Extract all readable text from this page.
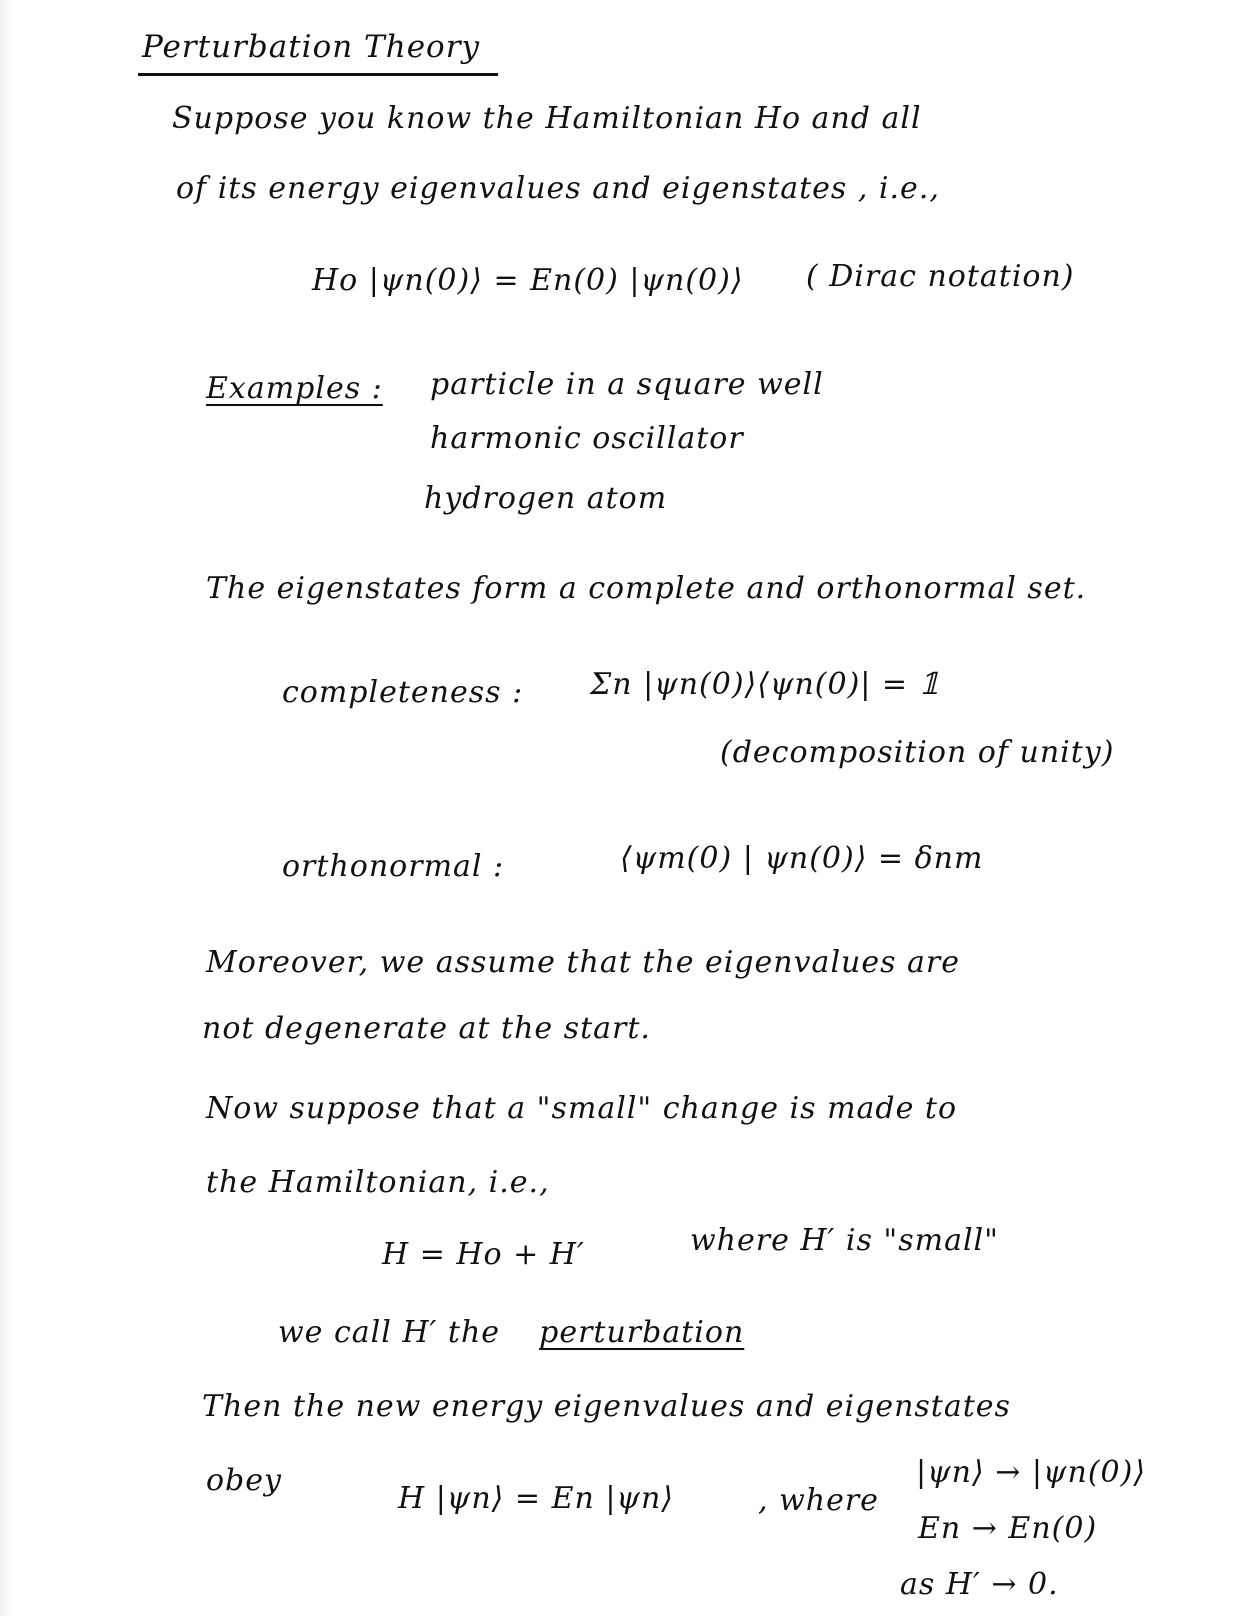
Perturbation Theory
Suppose you know the Hamiltonian Ho and all
of its energy eigenvalues and eigenstates , i.e.,
Ho |ψn(0)⟩ = En(0) |ψn(0)⟩ ( Dirac notation)
Examples : particle in a square well
harmonic oscillator
hydrogen atom
The eigenstates form a complete and orthonormal set.
completeness : Σn |ψn(0)⟩⟨ψn(0)| = 𝟙
(decomposition of unity)
orthonormal :	⟨ψm(0) | ψn(0)⟩ = δnm
Moreover, we assume that the eigenvalues are
not degenerate at the start.
Now suppose that a "small" change is made to
the Hamiltonian, i.e.,
H = Ho + H′	where H′ is "small"
we call H′ the perturbation
Then the new energy eigenvalues and eigenstates
obey
H |ψn⟩ = En |ψn⟩	, where
|ψn⟩ → |ψn(0)⟩
En → En(0)
as H′ → 0.
